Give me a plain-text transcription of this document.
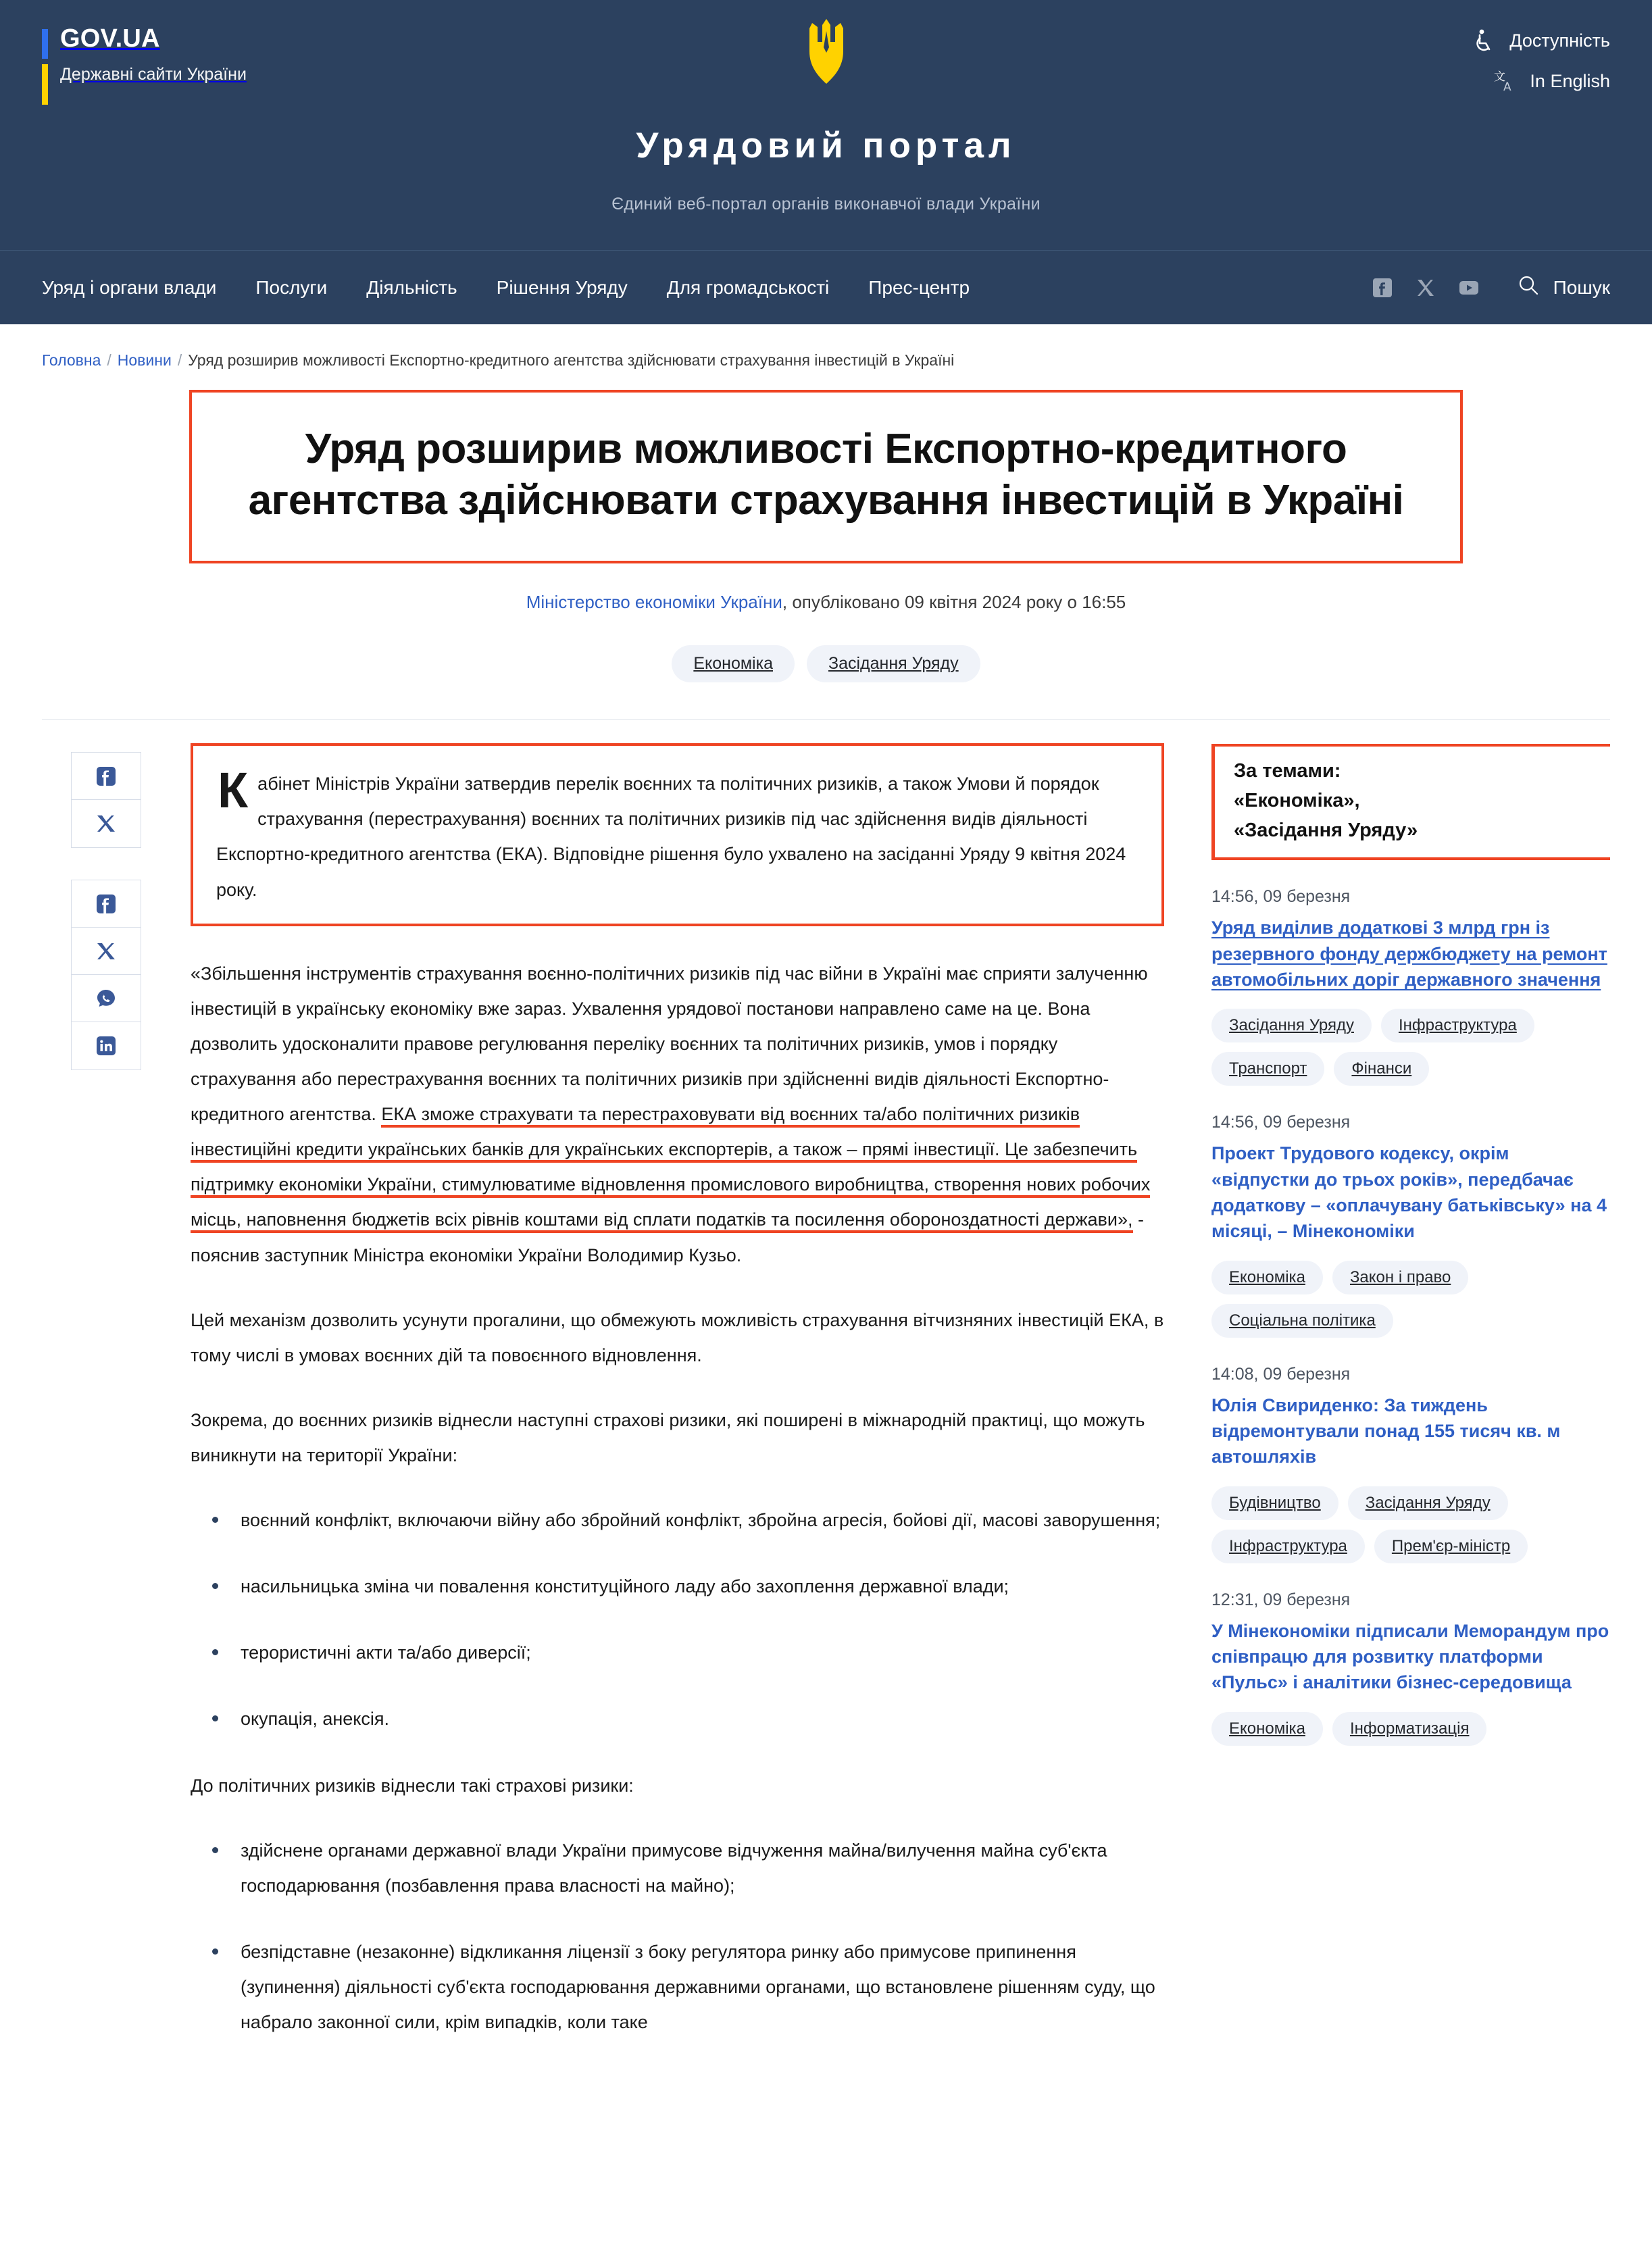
GOV.UA
Державні сайти України
Доступність
文
A In English
Урядовий портал
Єдиний веб-портал органів виконавчої влади України
Уряд і органи влади Послуги Діяльність Рішення Уряду Для громадськості Прес-центр	Пошук
Головна / Новини / Уряд розширив можливості Експортно-кредитного агентства здійснювати страхування інвестицій в Україні
Уряд розширив можливості Експортно-кредитного агентства здійснювати страхування інвестицій в Україні
Міністерство економіки України, опубліковано 09 квітня 2024 року о 16:55
Економіка	Засідання Уряду

Кабінет Міністрів України затвердив перелік воєнних та політичних ризиків, а також Умови й порядок страхування (перестрахування) воєнних та політичних ризиків під час здійснення видів діяльності Експортно-кредитного агентства (ЕКА). Відповідне рішення було ухвалено на засіданні Уряду 9 квітня 2024 року.

«Збільшення інструментів страхування воєнно-політичних ризиків під час війни в Україні має сприяти залученню інвестицій в українську економіку вже зараз. Ухвалення урядової постанови направлено саме на це. Вона дозволить удосконалити правове регулювання переліку воєнних та політичних ризиків, умов і порядку страхування або перестрахування воєнних та політичних ризиків при здійсненні видів діяльності Експортно-кредитного агентства. ЕКА зможе страхувати та перестраховувати від воєнних та/або політичних ризиків інвестиційні кредити українських банків для українських експортерів, а також – прямі інвестиції. Це забезпечить підтримку економіки України, стимулюватиме відновлення промислового виробництва, створення нових робочих місць, наповнення бюджетів всіх рівнів коштами від сплати податків та посилення обороноздатності держави», - пояснив заступник Міністра економіки України Володимир Кузьо.

Цей механізм дозволить усунути прогалини, що обмежують можливість страхування вітчизняних інвестицій ЕКА, в тому числі в умовах воєнних дій та повоєнного відновлення.

Зокрема, до воєнних ризиків віднесли наступні страхові ризики, які поширені в міжнародній практиці, що можуть виникнути на території України:

воєнний конфлікт, включаючи війну або збройний конфлікт, збройна агресія, бойові дії, масові заворушення;
насильницька зміна чи повалення конституційного ладу або захоплення державної влади;
терористичні акти та/або диверсії;
окупація, анексія.

До політичних ризиків віднесли такі страхові ризики:

здійснене органами державної влади України примусове відчуження майна/вилучення майна суб'єкта господарювання (позбавлення права власності на майно);
безпідставне (незаконне) відкликання ліцензії з боку регулятора ринку або примусове припинення (зупинення) діяльності суб'єкта господарювання державними органами, що встановлене рішенням суду, що набрало законної сили, крім випадків, коли таке
За темами:
«Економіка»,
«Засідання Уряду»
14:56, 09 березня
Уряд виділив додаткові 3 млрд грн із резервного фонду держбюджету на ремонт автомобільних доріг державного значення
Засідання Уряду	Інфраструктура
Транспорт	Фінанси
14:56, 09 березня
Проект Трудового кодексу, окрім «відпустки до трьох років», передбачає додаткову – «оплачувану батьківську» на 4 місяці, – Мінекономіки
Економіка	Закон і право
Соціальна політика
14:08, 09 березня
Юлія Свириденко: За тиждень відремонтували понад 155 тисяч кв. м автошляхів
Будівництво	Засідання Уряду
Інфраструктура	Прем'єр-міністр
12:31, 09 березня
У Мінекономіки підписали Меморандум про співпрацю для розвитку платформи «Пульс» і аналітики бізнес-середовища
Економіка	Інформатизація
